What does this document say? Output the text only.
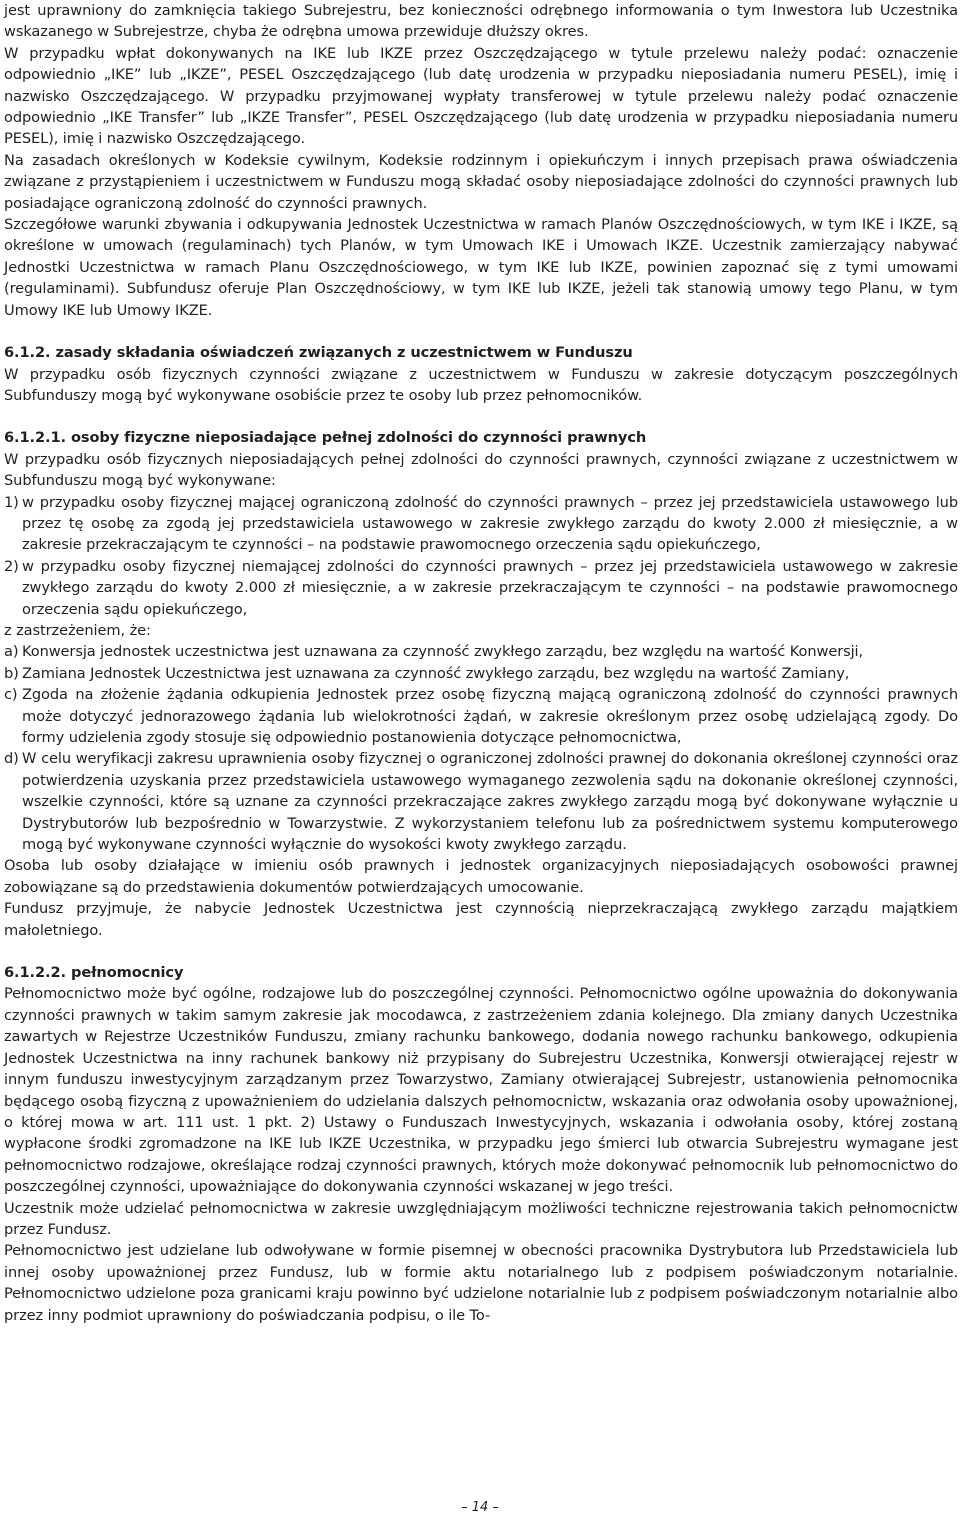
jest uprawniony do zamknięcia takiego Subrejestru, bez konieczności odrębnego informowania o tym Inwestora lub Uczestnika wskazanego w Subrejestrze, chyba że odrębna umowa przewiduje dłuższy okres.

W przypadku wpłat dokonywanych na IKE lub IKZE przez Oszczędzającego w tytule przelewu należy podać: oznaczenie odpowiednio „IKE” lub „IKZE”, PESEL Oszczędzającego (lub datę urodzenia w przypadku nieposiadania numeru PESEL), imię i nazwisko Oszczędzającego. W przypadku przyjmowanej wypłaty transferowej w tytule przelewu należy podać oznaczenie odpowiednio „IKE Transfer” lub „IKZE Transfer”, PESEL Oszczędzającego (lub datę urodzenia w przypadku nieposiadania numeru PESEL), imię i nazwisko Oszczędzającego.

Na zasadach określonych w Kodeksie cywilnym, Kodeksie rodzinnym i opiekuńczym i innych przepisach prawa oświadczenia związane z przystąpieniem i uczestnictwem w Funduszu mogą składać osoby nieposiadające zdolności do czynności prawnych lub posiadające ograniczoną zdolność do czynności prawnych.

Szczegółowe warunki zbywania i odkupywania Jednostek Uczestnictwa w ramach Planów Oszczędnościowych, w tym IKE i IKZE, są określone w umowach (regulaminach) tych Planów, w tym Umowach IKE i Umowach IKZE. Uczestnik zamierzający nabywać Jednostki Uczestnictwa w ramach Planu Oszczędnościowego, w tym IKE lub IKZE, powinien zapoznać się z tymi umowami (regulaminami). Subfundusz oferuje Plan Oszczędnościowy, w tym IKE lub IKZE, jeżeli tak stanowią umowy tego Planu, w tym Umowy IKE lub Umowy IKZE.

6.1.2. zasady składania oświadczeń związanych z uczestnictwem w Funduszu

W przypadku osób fizycznych czynności związane z uczestnictwem w Funduszu w zakresie dotyczącym poszczególnych Subfunduszy mogą być wykonywane osobiście przez te osoby lub przez pełnomocników.

6.1.2.1. osoby fizyczne nieposiadające pełnej zdolności do czynności prawnych

W przypadku osób fizycznych nieposiadających pełnej zdolności do czynności prawnych, czynności związane z uczestnictwem w Subfunduszu mogą być wykonywane:

1) w przypadku osoby fizycznej mającej ograniczoną zdolność do czynności prawnych – przez jej przedstawiciela ustawowego lub przez tę osobę za zgodą jej przedstawiciela ustawowego w zakresie zwykłego zarządu do kwoty 2.000 zł miesięcznie, a w zakresie przekraczającym te czynności – na podstawie prawomocnego orzeczenia sądu opiekuńczego,
2) w przypadku osoby fizycznej niemającej zdolności do czynności prawnych – przez jej przedstawiciela ustawowego w zakresie zwykłego zarządu do kwoty 2.000 zł miesięcznie, a w zakresie przekraczającym te czynności – na podstawie prawomocnego orzeczenia sądu opiekuńczego,

z zastrzeżeniem, że:

a) Konwersja jednostek uczestnictwa jest uznawana za czynność zwykłego zarządu, bez względu na wartość Konwersji,
b) Zamiana Jednostek Uczestnictwa jest uznawana za czynność zwykłego zarządu, bez względu na wartość Zamiany,
c) Zgoda na złożenie żądania odkupienia Jednostek przez osobę fizyczną mającą ograniczoną zdolność do czynności prawnych może dotyczyć jednorazowego żądania lub wielokrotności żądań, w zakresie określonym przez osobę udzielającą zgody. Do formy udzielenia zgody stosuje się odpowiednio postanowienia dotyczące pełnomocnictwa,
d) W celu weryfikacji zakresu uprawnienia osoby fizycznej o ograniczonej zdolności prawnej do dokonania określonej czynności oraz potwierdzenia uzyskania przez przedstawiciela ustawowego wymaganego zezwolenia sądu na dokonanie określonej czynności, wszelkie czynności, które są uznane za czynności przekraczające zakres zwykłego zarządu mogą być dokonywane wyłącznie u Dystrybutorów lub bezpośrednio w Towarzystwie. Z wykorzystaniem telefonu lub za pośrednictwem systemu komputerowego mogą być wykonywane czynności wyłącznie do wysokości kwoty zwykłego zarządu.

Osoba lub osoby działające w imieniu osób prawnych i jednostek organizacyjnych nieposiadających osobowości prawnej zobowiązane są do przedstawienia dokumentów potwierdzających umocowanie.

Fundusz przyjmuje, że nabycie Jednostek Uczestnictwa jest czynnością nieprzekraczającą zwykłego zarządu majątkiem małoletniego.

6.1.2.2. pełnomocnicy

Pełnomocnictwo może być ogólne, rodzajowe lub do poszczególnej czynności. Pełnomocnictwo ogólne upoważnia do dokonywania czynności prawnych w takim samym zakresie jak mocodawca, z zastrzeżeniem zdania kolejnego. Dla zmiany danych Uczestnika zawartych w Rejestrze Uczestników Funduszu, zmiany rachunku bankowego, dodania nowego rachunku bankowego, odkupienia Jednostek Uczestnictwa na inny rachunek bankowy niż przypisany do Subrejestru Uczestnika, Konwersji otwierającej rejestr w innym funduszu inwestycyjnym zarządzanym przez Towarzystwo, Zamiany otwierającej Subrejestr, ustanowienia pełnomocnika będącego osobą fizyczną z upoważnieniem do udzielania dalszych pełnomocnictw, wskazania oraz odwołania osoby upoważnionej, o której mowa w art. 111 ust. 1 pkt. 2) Ustawy o Funduszach Inwestycyjnych, wskazania i odwołania osoby, której zostaną wypłacone środki zgromadzone na IKE lub IKZE Uczestnika, w przypadku jego śmierci lub otwarcia Subrejestru wymagane jest pełnomocnictwo rodzajowe, określające rodzaj czynności prawnych, których może dokonywać pełnomocnik lub pełnomocnictwo do poszczególnej czynności, upoważniające do dokonywania czynności wskazanej w jego treści.

Uczestnik może udzielać pełnomocnictwa w zakresie uwzględniającym możliwości techniczne rejestrowania takich pełnomocnictw przez Fundusz.

Pełnomocnictwo jest udzielane lub odwoływane w formie pisemnej w obecności pracownika Dystrybutora lub Przedstawiciela lub innej osoby upoważnionej przez Fundusz, lub w formie aktu notarialnego lub z podpisem poświadczonym notarialnie. Pełnomocnictwo udzielone poza granicami kraju powinno być udzielone notarialnie lub z podpisem poświadczonym notarialnie albo przez inny podmiot uprawniony do poświadczania podpisu, o ile To-

– 14 –
